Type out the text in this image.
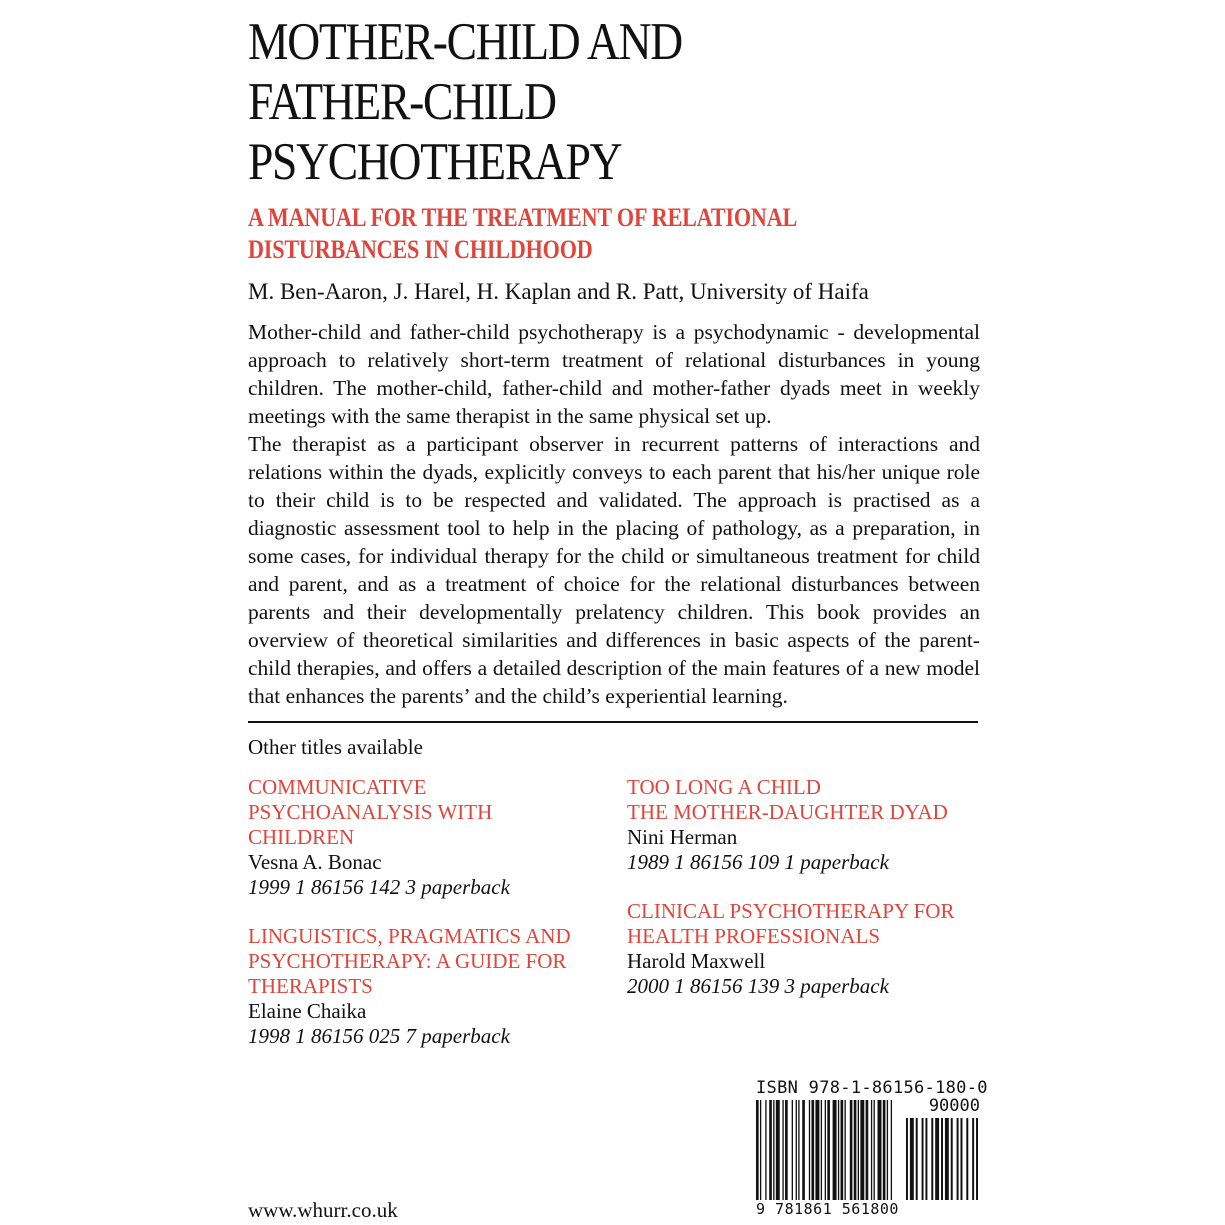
MOTHER-CHILD AND
FATHER-CHILD
PSYCHOTHERAPY
A MANUAL FOR THE TREATMENT OF RELATIONAL
DISTURBANCES IN CHILDHOOD
M. Ben-Aaron, J. Harel, H. Kaplan and R. Patt, University of Haifa

Mother-child and father-child psychotherapy is a psychodynamic - developmental approach to relatively short-term treatment of relational disturbances in young children. The mother-child, father-child and mother-father dyads meet in weekly meetings with the same therapist in the same physical set up.

The therapist as a participant observer in recurrent patterns of interactions and relations within the dyads, explicitly conveys to each parent that his/her unique role to their child is to be respected and validated. The approach is practised as a diagnostic assessment tool to help in the placing of pathology, as a preparation, in some cases, for individual therapy for the child or simultaneous treatment for child and parent, and as a treatment of choice for the relational disturbances between parents and their developmentally prelatency children. This book provides an overview of theoretical similarities and differences in basic aspects of the parent-child therapies, and offers a detailed description of the main features of a new model that enhances the parents’ and the child’s experiential learning.

Other titles available
COMMUNICATIVE
PSYCHOANALYSIS WITH
CHILDREN
Vesna A. Bonac
1999 1 86156 142 3 paperback
LINGUISTICS, PRAGMATICS AND
PSYCHOTHERAPY: A GUIDE FOR
THERAPISTS
Elaine Chaika
1998 1 86156 025 7 paperback
TOO LONG A CHILD
THE MOTHER-DAUGHTER DYAD
Nini Herman
1989 1 86156 109 1 paperback
CLINICAL PSYCHOTHERAPY FOR
HEALTH PROFESSIONALS
Harold Maxwell
2000 1 86156 139 3 paperback
ISBN 978-1-86156-180-0
90000
9 781861 561800
www.whurr.co.uk
